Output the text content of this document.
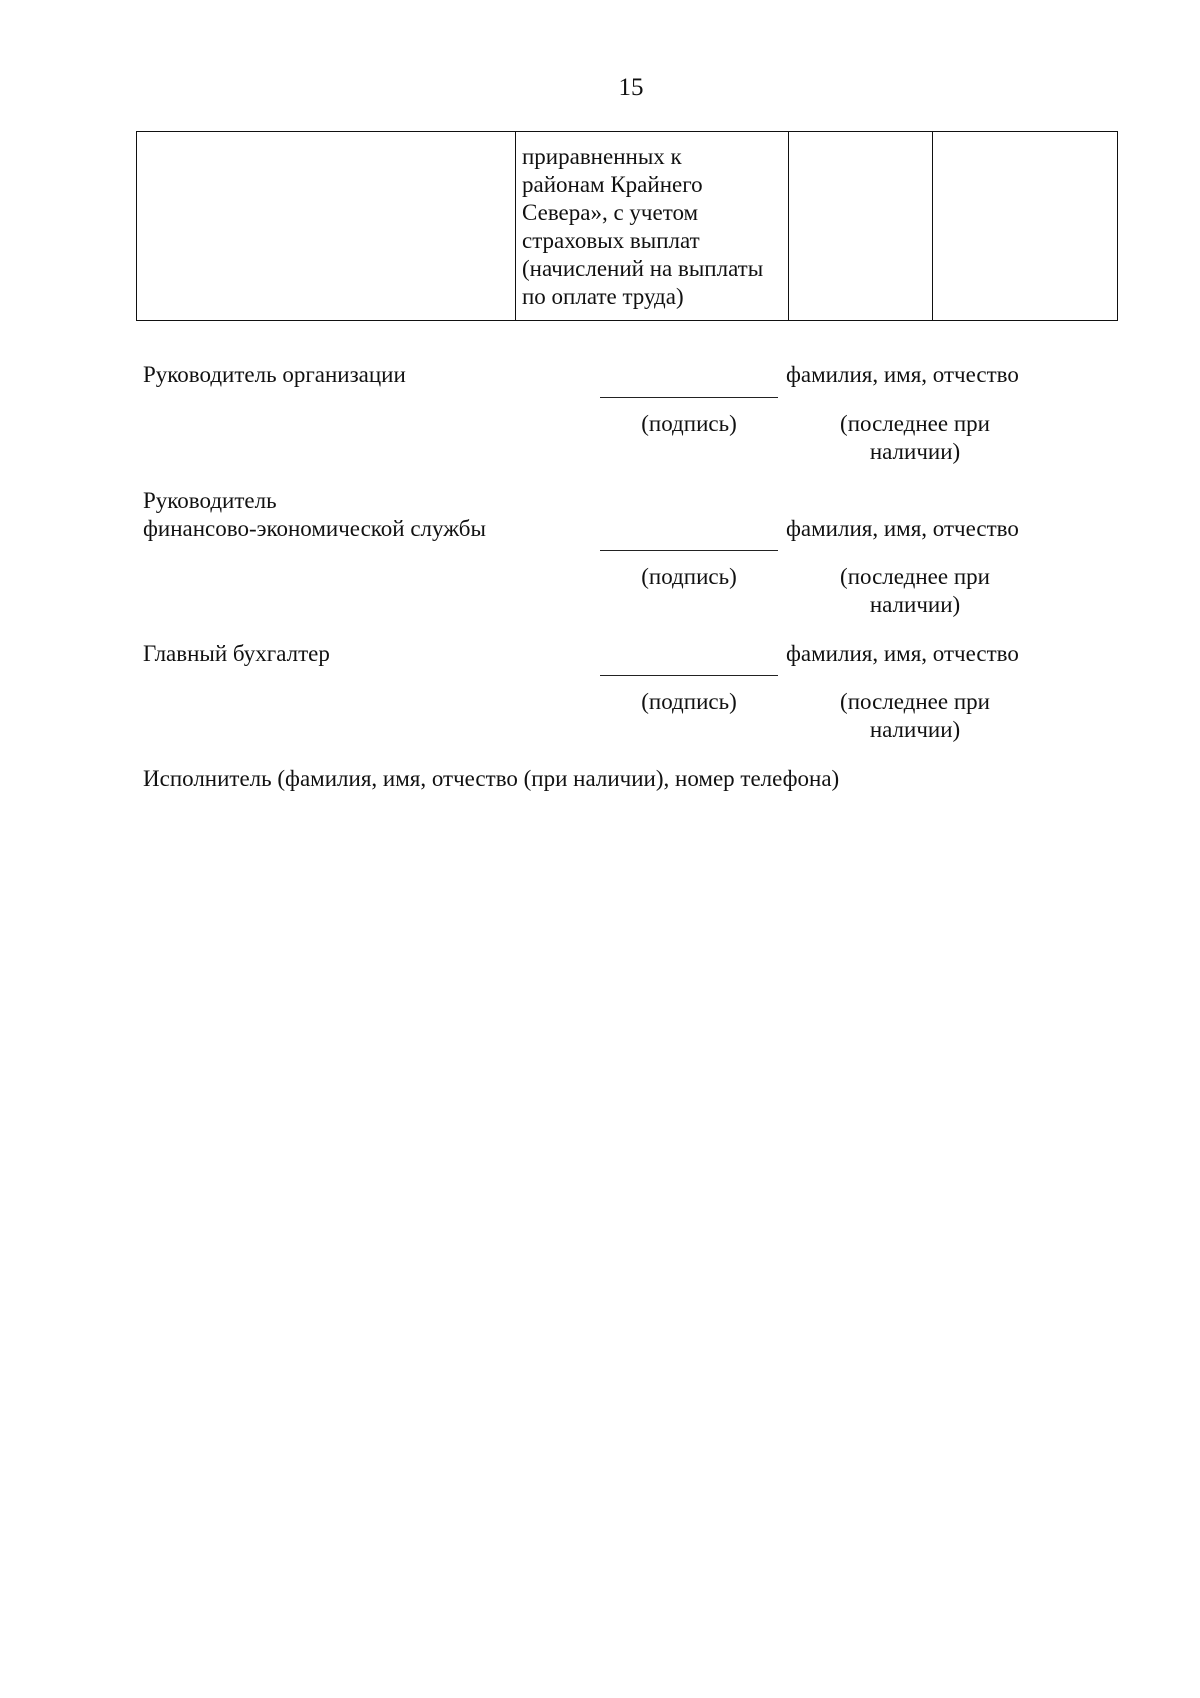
15

приравненных к
районам Крайнего
Севера», с учетом
страховых выплат
(начислений на выплаты
по оплате труда)

Руководитель организации	фамилия, имя, отчество
(подпись)	(последнее при
наличии)
Руководитель
финансово-экономической службы	фамилия, имя, отчество
(подпись)	(последнее при
наличии)
Главный бухгалтер	фамилия, имя, отчество
(подпись)	(последнее при
наличии)
Исполнитель (фамилия, имя, отчество (при наличии), номер телефона)
